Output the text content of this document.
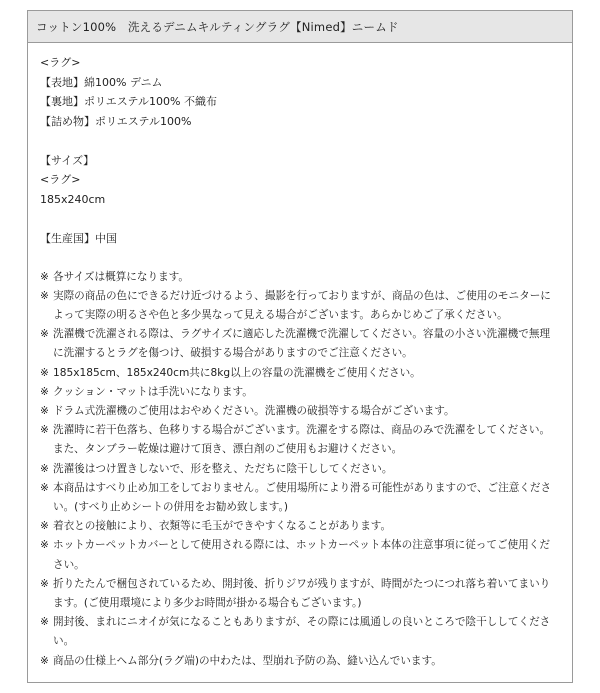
コットン100%　洗えるデニムキルティングラグ【Nimed】ニームド
<ラグ>
【表地】綿100% デニム
【裏地】ポリエステル100% 不織布
【詰め物】ポリエステル100%
【サイズ】
<ラグ>
185x240cm
【生産国】中国
※ 各サイズは概算になります。
※ 実際の商品の色にできるだけ近づけるよう、撮影を行っておりますが、商品の色は、ご使用のモニターによって実際の明るさや色と多少異なって見える場合がございます。あらかじめご了承ください。
※ 洗濯機で洗濯される際は、ラグサイズに適応した洗濯機で洗濯してください。容量の小さい洗濯機で無理に洗濯するとラグを傷つけ、破損する場合がありますのでご注意ください。
※ 185x185cm、185x240cm共に8kg以上の容量の洗濯機をご使用ください。
※ クッション・マットは手洗いになります。
※ ドラム式洗濯機のご使用はおやめください。洗濯機の破損等する場合がございます。
※ 洗濯時に若干色落ち、色移りする場合がございます。洗濯をする際は、商品のみで洗濯をしてください。また、タンブラー乾燥は避けて頂き、漂白剤のご使用もお避けください。
※ 洗濯後はつけ置きしないで、形を整え、ただちに陰干ししてください。
※ 本商品はすべり止め加工をしておりません。ご使用場所により滑る可能性がありますので、ご注意ください。(すべり止めシートの併用をお勧め致します。)
※ 着衣との接触により、衣類等に毛玉ができやすくなることがあります。
※ ホットカーペットカバーとして使用される際には、ホットカーペット本体の注意事項に従ってご使用ください。
※ 折りたたんで梱包されているため、開封後、折りジワが残りますが、時間がたつにつれ落ち着いてまいります。(ご使用環境により多少お時間が掛かる場合もございます。)
※ 開封後、まれにニオイが気になることもありますが、その際には風通しの良いところで陰干ししてください。
※ 商品の仕様上ヘム部分(ラグ端)の中わたは、型崩れ予防の為、縫い込んでいます。
